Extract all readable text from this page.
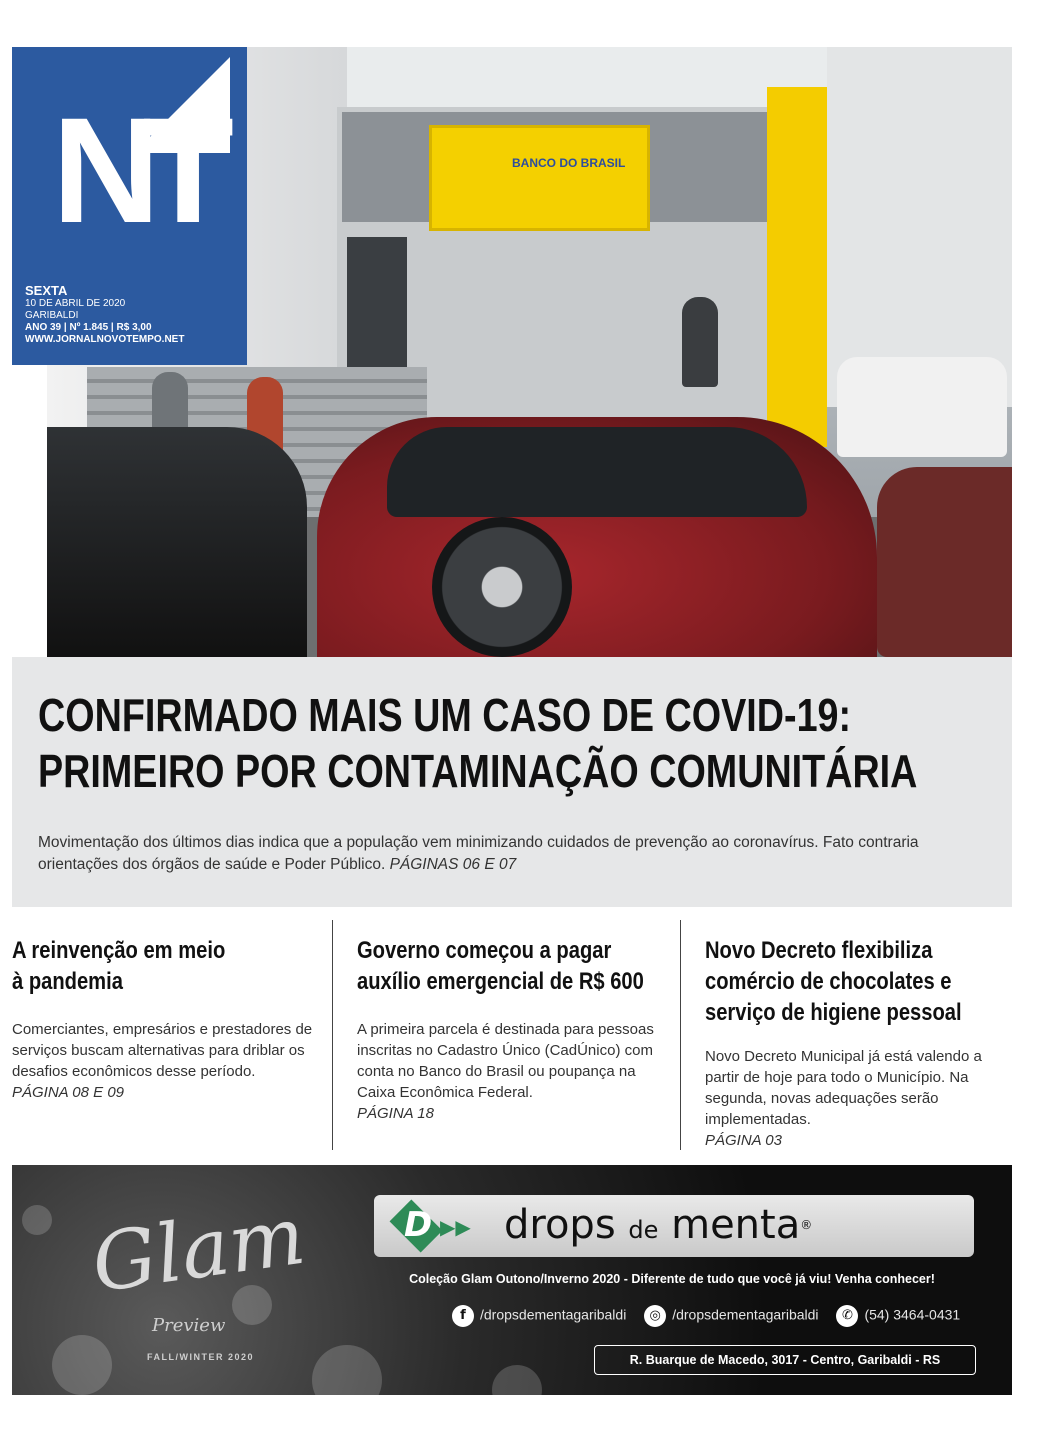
BANCO DO BRASIL
NT
SEXTA
10 DE ABRIL DE 2020
GARIBALDI
ANO 39 | Nº 1.845 | R$ 3,00
WWW.JORNALNOVOTEMPO.NET
CONFIRMADO MAIS UM CASO DE COVID-19:
PRIMEIRO POR CONTAMINAÇÃO COMUNITÁRIA
Movimentação dos últimos dias indica que a população vem minimizando cuidados de prevenção ao coronavírus. Fato contraria orientações dos órgãos de saúde e Poder Público. PÁGINAS 06 E 07
A reinvenção em meio
à pandemia

Comerciantes, empresários e prestadores de serviços buscam alternativas para driblar os desafios econômicos desse período.

PÁGINA 08 E 09
Governo começou a pagar
auxílio emergencial de R$ 600

A primeira parcela é destinada para pessoas inscritas no Cadastro Único (CadÚnico) com conta no Banco do Brasil ou poupança na Caixa Econômica Federal.

PÁGINA 18
Novo Decreto flexibiliza
comércio de chocolates e
serviço de higiene pessoal

Novo Decreto Municipal já está valendo a partir de hoje para todo o Município. Na segunda, novas adequações serão implementadas.

PÁGINA 03
Glam
Preview
FALL/WINTER 2020
D ▶▶ drops de menta®
Coleção Glam Outono/Inverno 2020 - Diferente de tudo que você já viu! Venha conhecer!
f /dropsdementagaribaldi ◎ /dropsdementagaribaldi ✆ (54) 3464-0431
R. Buarque de Macedo, 3017 - Centro, Garibaldi - RS
